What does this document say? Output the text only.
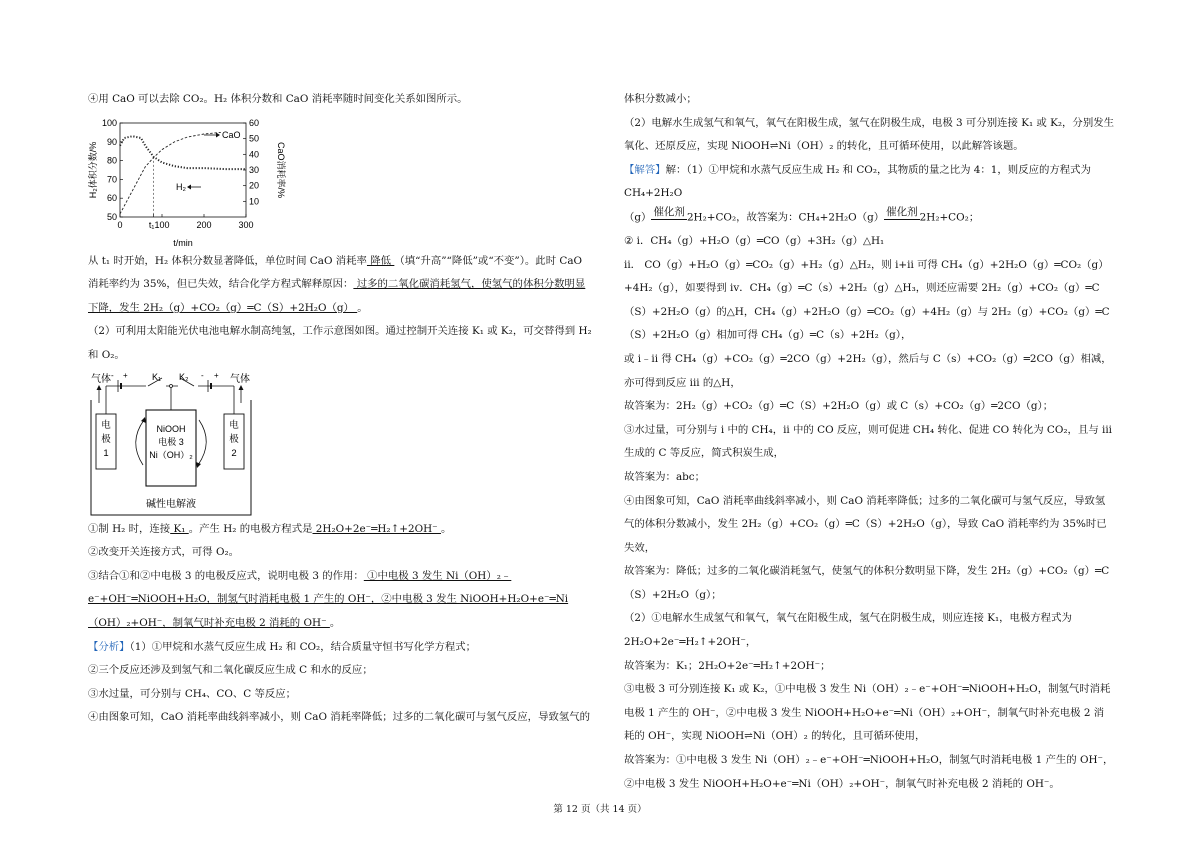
④用 CaO 可以去除 CO₂。H₂ 体积分数和 CaO 消耗率随时间变化关系如图所示。

100
90
80
70
60
50
60
50
40
30
20
10
0	t₁ 100	200	300
CaO
H₂
H₂体积分数/%	CaO消耗率/%
t/min

从 t₁ 时开始，H₂ 体积分数显著降低，单位时间 CaO 消耗率 降低 （填“升高”“降低”或“不变”）。此时 CaO 消耗率约为 35%，但已失效，结合化学方程式解释原因： 过多的二氧化碳消耗氢气，使氢气的体积分数明显下降，发生 2H₂（g）+CO₂（g）═C（S）+2H₂O（g） 。

（2）可利用太阳能光伏电池电解水制高纯氢，工作示意图如图。通过控制开关连接 K₁ 或 K₂，可交替得到 H₂ 和 O₂。

气体	气体
- +	- +
K₁ K₂
电
极
1
电
极
2
NiOOH
电极 3
Ni（OH）₂
碱性电解液

①制 H₂ 时，连接 K₁ 。产生 H₂ 的电极方程式是 2H₂O+2e⁻═H₂↑+2OH⁻ 。

②改变开关连接方式，可得 O₂。

③结合①和②中电极 3 的电极反应式，说明电极 3 的作用： ①中电极 3 发生 Ni（OH）₂﹣e⁻+OH⁻═NiOOH+H₂O，制氢气时消耗电极 1 产生的 OH⁻，②中电极 3 发生 NiOOH+H₂O+e⁻═Ni（OH）₂+OH⁻，制氧气时补充电极 2 消耗的 OH⁻ 。

【分析】（1）①甲烷和水蒸气反应生成 H₂ 和 CO₂，结合质量守恒书写化学方程式；

②三个反应还涉及到氢气和二氧化碳反应生成 C 和水的反应；

③水过量，可分别与 CH₄、CO、C 等反应；

④由图象可知，CaO 消耗率曲线斜率减小，则 CaO 消耗率降低；过多的二氧化碳可与氢气反应，导致氢气的

体积分数减小；

（2）电解水生成氢气和氧气，氧气在阳极生成，氢气在阴极生成，电极 3 可分别连接 K₁ 或 K₂，分别发生氧化、还原反应，实现 NiOOH⇌Ni（OH）₂ 的转化，且可循环使用，以此解答该题。

【解答】解：（1）①甲烷和水蒸气反应生成 H₂ 和 CO₂，其物质的量之比为 4：1，则反应的方程式为 CH₄+2H₂O

（g） 催化剂 2H₂+CO₂，故答案为：CH₄+2H₂O（g） 催化剂 2H₂+CO₂；

② i．CH₄（g）+H₂O（g）═CO（g）+3H₂（g）△H₁

ii． CO（g）+H₂O（g）═CO₂（g）+H₂（g）△H₂，则 i+ii 可得 CH₄（g）+2H₂O（g）═CO₂（g）+4H₂（g），如要得到 iv．CH₄（g）═C（s）+2H₂（g）△H₃，则还应需要 2H₂（g）+CO₂（g）═C（S）+2H₂O（g）的△H，CH₄（g）+2H₂O（g）═CO₂（g）+4H₂（g）与 2H₂（g）+CO₂（g）═C（S）+2H₂O（g）相加可得 CH₄（g）═C（s）+2H₂（g），

或 i﹣ii 得 CH₄（g）+CO₂（g）═2CO（g）+2H₂（g），然后与 C（s）+CO₂（g）═2CO（g）相减，亦可得到反应 iii 的△H，

故答案为：2H₂（g）+CO₂（g）═C（S）+2H₂O（g）或 C（s）+CO₂（g）═2CO（g）；

③水过量，可分别与 i 中的 CH₄，ii 中的 CO 反应，则可促进 CH₄ 转化、促进 CO 转化为 CO₂，且与 iii 生成的 C 等反应，简式积炭生成，

故答案为：abc；

④由图象可知，CaO 消耗率曲线斜率减小，则 CaO 消耗率降低；过多的二氧化碳可与氢气反应，导致氢气的体积分数减小，发生 2H₂（g）+CO₂（g）═C（S）+2H₂O（g），导致 CaO 消耗率约为 35%时已失效，

故答案为：降低；过多的二氧化碳消耗氢气，使氢气的体积分数明显下降，发生 2H₂（g）+CO₂（g）═C（S）+2H₂O（g）；

（2）①电解水生成氢气和氧气，氧气在阳极生成，氢气在阴极生成，则应连接 K₁，电极方程式为 2H₂O+2e⁻═H₂↑+2OH⁻，

故答案为：K₁；2H₂O+2e⁻═H₂↑+2OH⁻；

③电极 3 可分别连接 K₁ 或 K₂，①中电极 3 发生 Ni（OH）₂﹣e⁻+OH⁻═NiOOH+H₂O，制氢气时消耗电极 1 产生的 OH⁻，②中电极 3 发生 NiOOH+H₂O+e⁻═Ni（OH）₂+OH⁻，制氧气时补充电极 2 消耗的 OH⁻，实现 NiOOH⇌Ni（OH）₂ 的转化，且可循环使用，

故答案为：①中电极 3 发生 Ni（OH）₂﹣e⁻+OH⁻═NiOOH+H₂O，制氢气时消耗电极 1 产生的 OH⁻，②中电极 3 发生 NiOOH+H₂O+e⁻═Ni（OH）₂+OH⁻，制氧气时补充电极 2 消耗的 OH⁻。

第 12 页（共 14 页）
